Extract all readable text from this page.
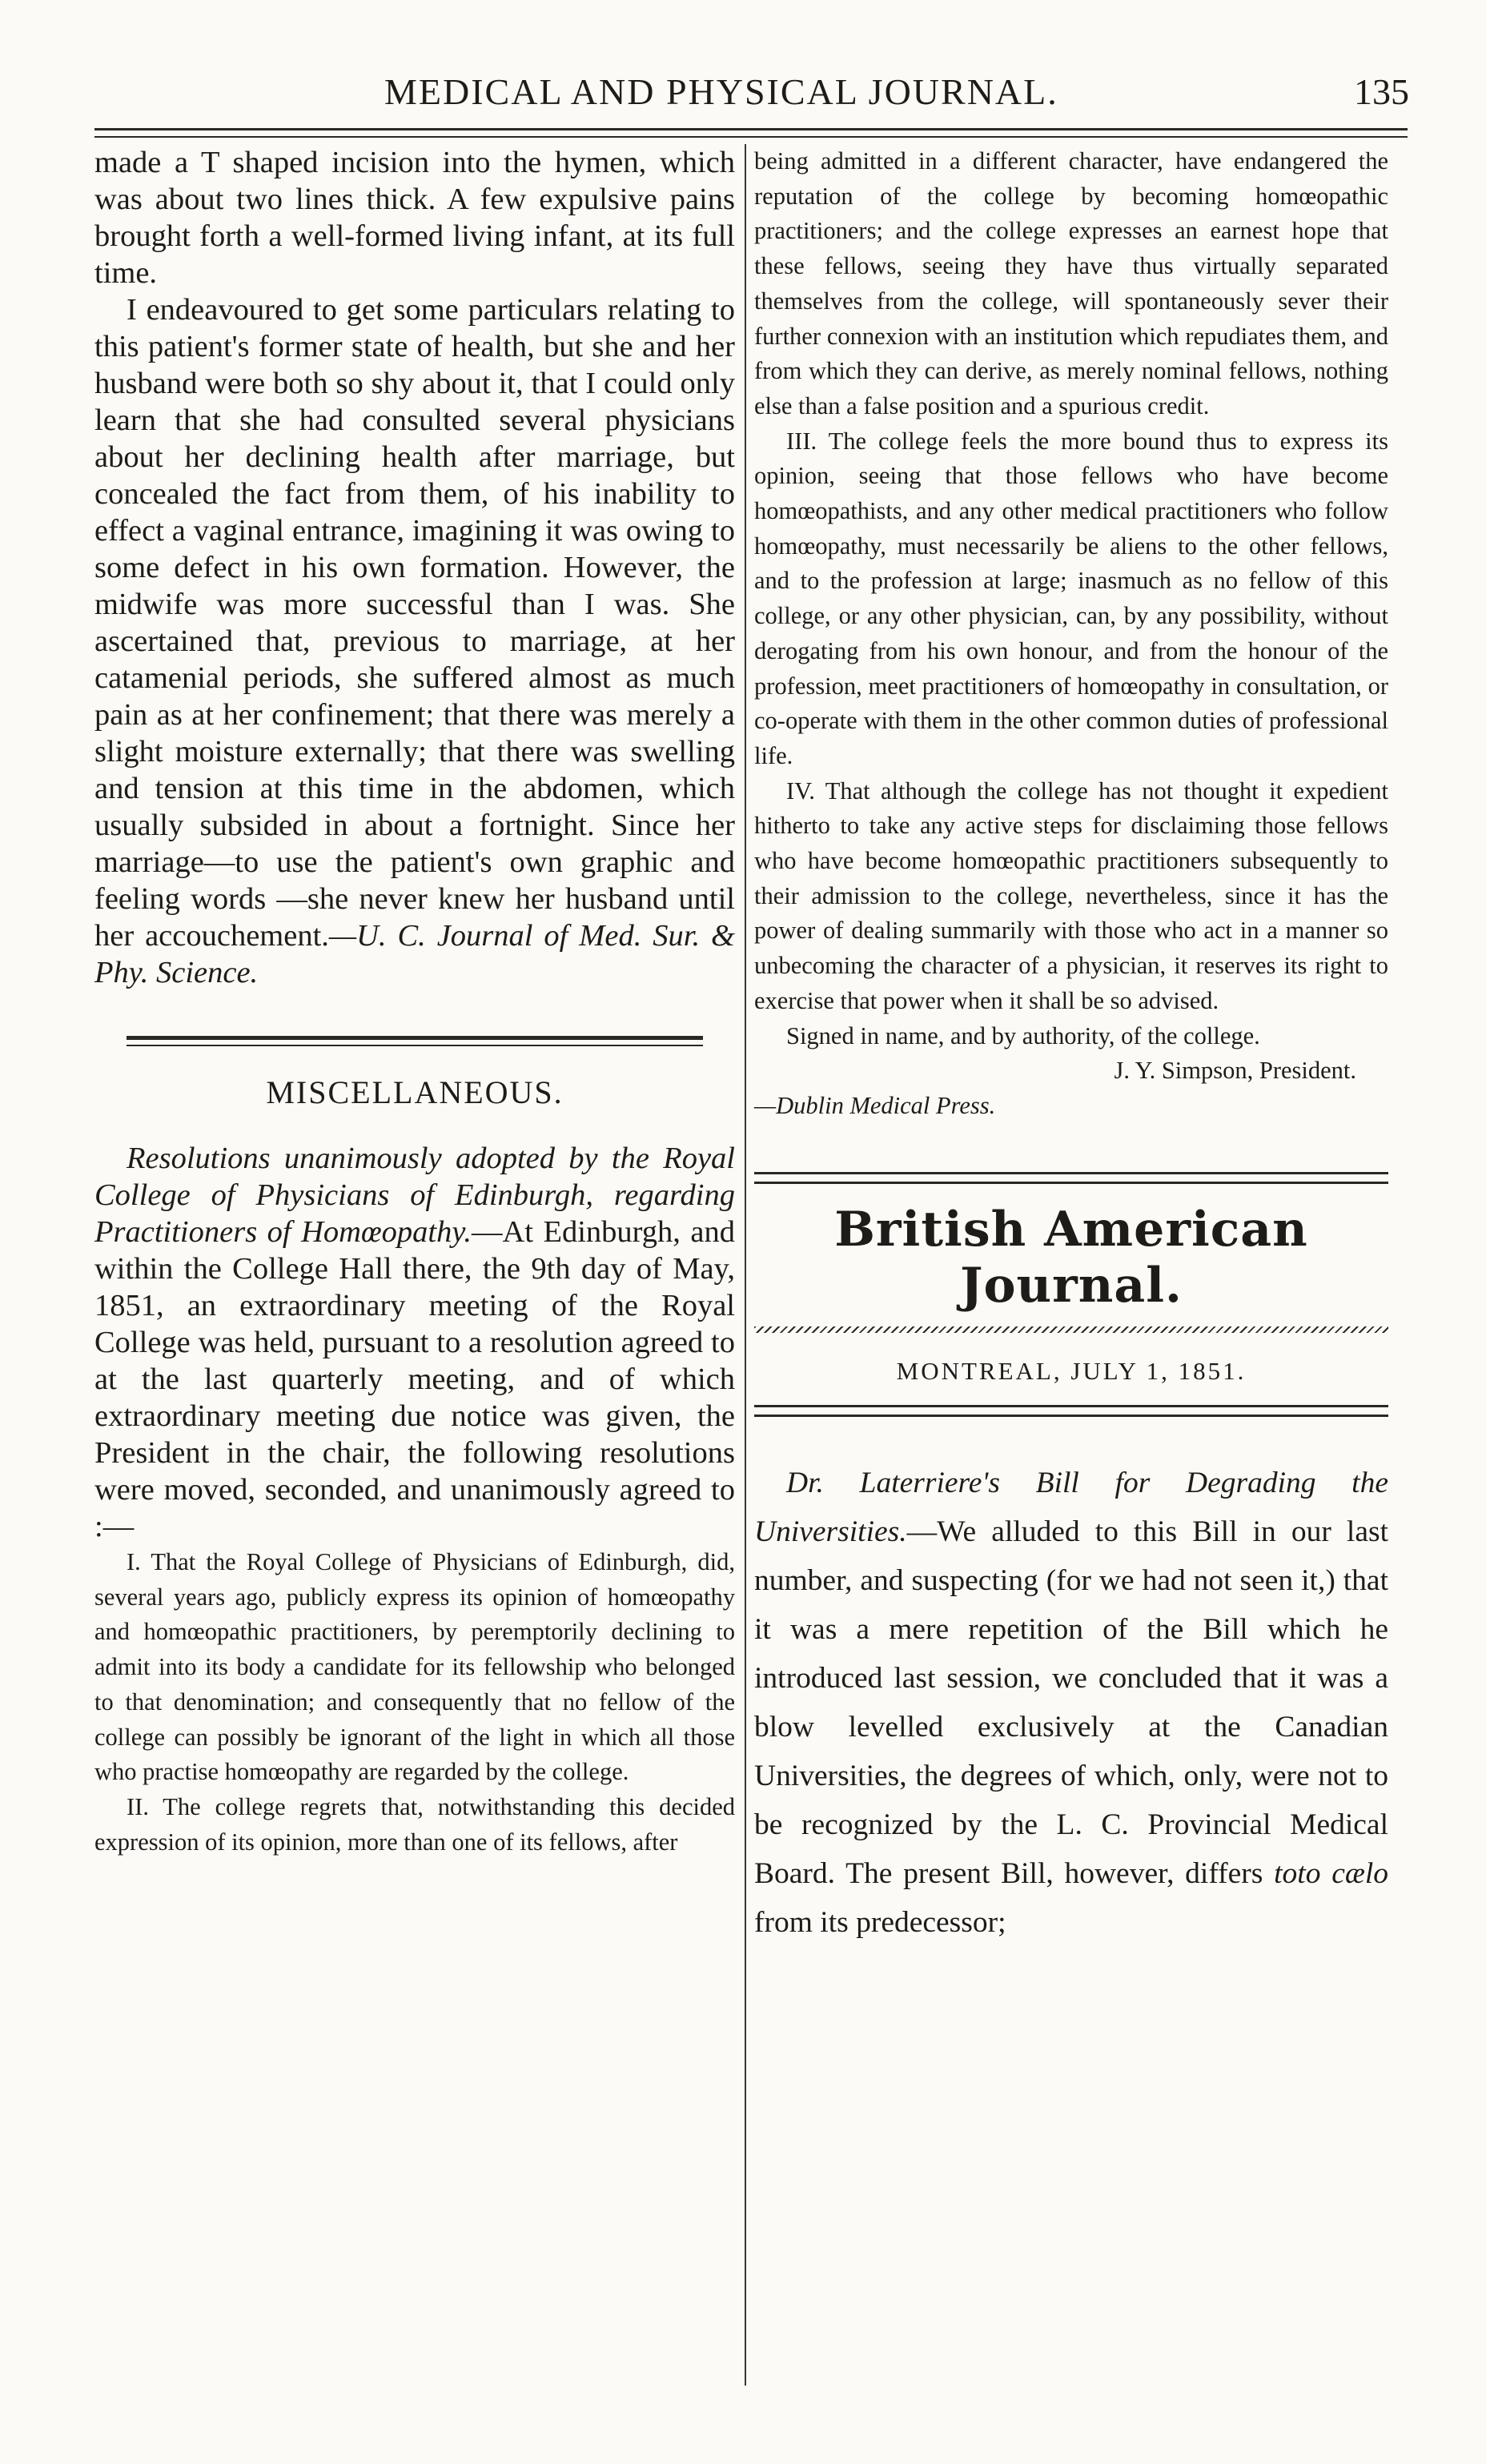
MEDICAL AND PHYSICAL JOURNAL.	135

made a T shaped incision into the hymen, which was about two lines thick. A few expulsive pains brought forth a well-formed living infant, at its full time.

I endeavoured to get some particulars relating to this patient's former state of health, but she and her husband were both so shy about it, that I could only learn that she had consulted several physicians about her declining health after marriage, but concealed the fact from them, of his inability to effect a vaginal entrance, imagining it was owing to some defect in his own formation. However, the midwife was more successful than I was. She ascertained that, previous to marriage, at her catamenial periods, she suffered almost as much pain as at her confinement; that there was merely a slight moisture externally; that there was swelling and tension at this time in the abdomen, which usually subsided in about a fortnight. Since her marriage—to use the patient's own graphic and feeling words —she never knew her husband until her accouchement.—U. C. Journal of Med. Sur. & Phy. Science.

MISCELLANEOUS.

Resolutions unanimously adopted by the Royal College of Physicians of Edinburgh, regarding Practitioners of Homœopathy.—At Edinburgh, and within the College Hall there, the 9th day of May, 1851, an extraordinary meeting of the Royal College was held, pursuant to a resolution agreed to at the last quarterly meeting, and of which extraordinary meeting due notice was given, the President in the chair, the following resolutions were moved, seconded, and unanimously agreed to :—

I. That the Royal College of Physicians of Edinburgh, did, several years ago, publicly express its opinion of homœopathy and homœopathic practitioners, by peremptorily declining to admit into its body a candidate for its fellowship who belonged to that denomination; and consequently that no fellow of the college can possibly be ignorant of the light in which all those who practise homœopathy are regarded by the college.

II. The college regrets that, notwithstanding this decided expression of its opinion, more than one of its fellows, after

being admitted in a different character, have endangered the reputation of the college by becoming homœopathic practitioners; and the college expresses an earnest hope that these fellows, seeing they have thus virtually separated themselves from the college, will spontaneously sever their further connexion with an institution which repudiates them, and from which they can derive, as merely nominal fellows, nothing else than a false position and a spurious credit.

III. The college feels the more bound thus to express its opinion, seeing that those fellows who have become homœopathists, and any other medical practitioners who follow homœopathy, must necessarily be aliens to the other fellows, and to the profession at large; inasmuch as no fellow of this college, or any other physician, can, by any possibility, without derogating from his own honour, and from the honour of the profession, meet practitioners of homœopathy in consultation, or co-operate with them in the other common duties of professional life.

IV. That although the college has not thought it expedient hitherto to take any active steps for disclaiming those fellows who have become homœopathic practitioners subsequently to their admission to the college, nevertheless, since it has the power of dealing summarily with those who act in a manner so unbecoming the character of a physician, it reserves its right to exercise that power when it shall be so advised.

Signed in name, and by authority, of the college.

J. Y. Simpson, President.

—Dublin Medical Press.

British American Journal.

MONTREAL, JULY 1, 1851.

Dr. Laterriere's Bill for Degrading the Universities.—We alluded to this Bill in our last number, and suspecting (for we had not seen it,) that it was a mere repetition of the Bill which he introduced last session, we concluded that it was a blow levelled exclusively at the Canadian Universities, the degrees of which, only, were not to be recognized by the L. C. Provincial Medical Board. The present Bill, however, differs toto cælo from its predecessor;
